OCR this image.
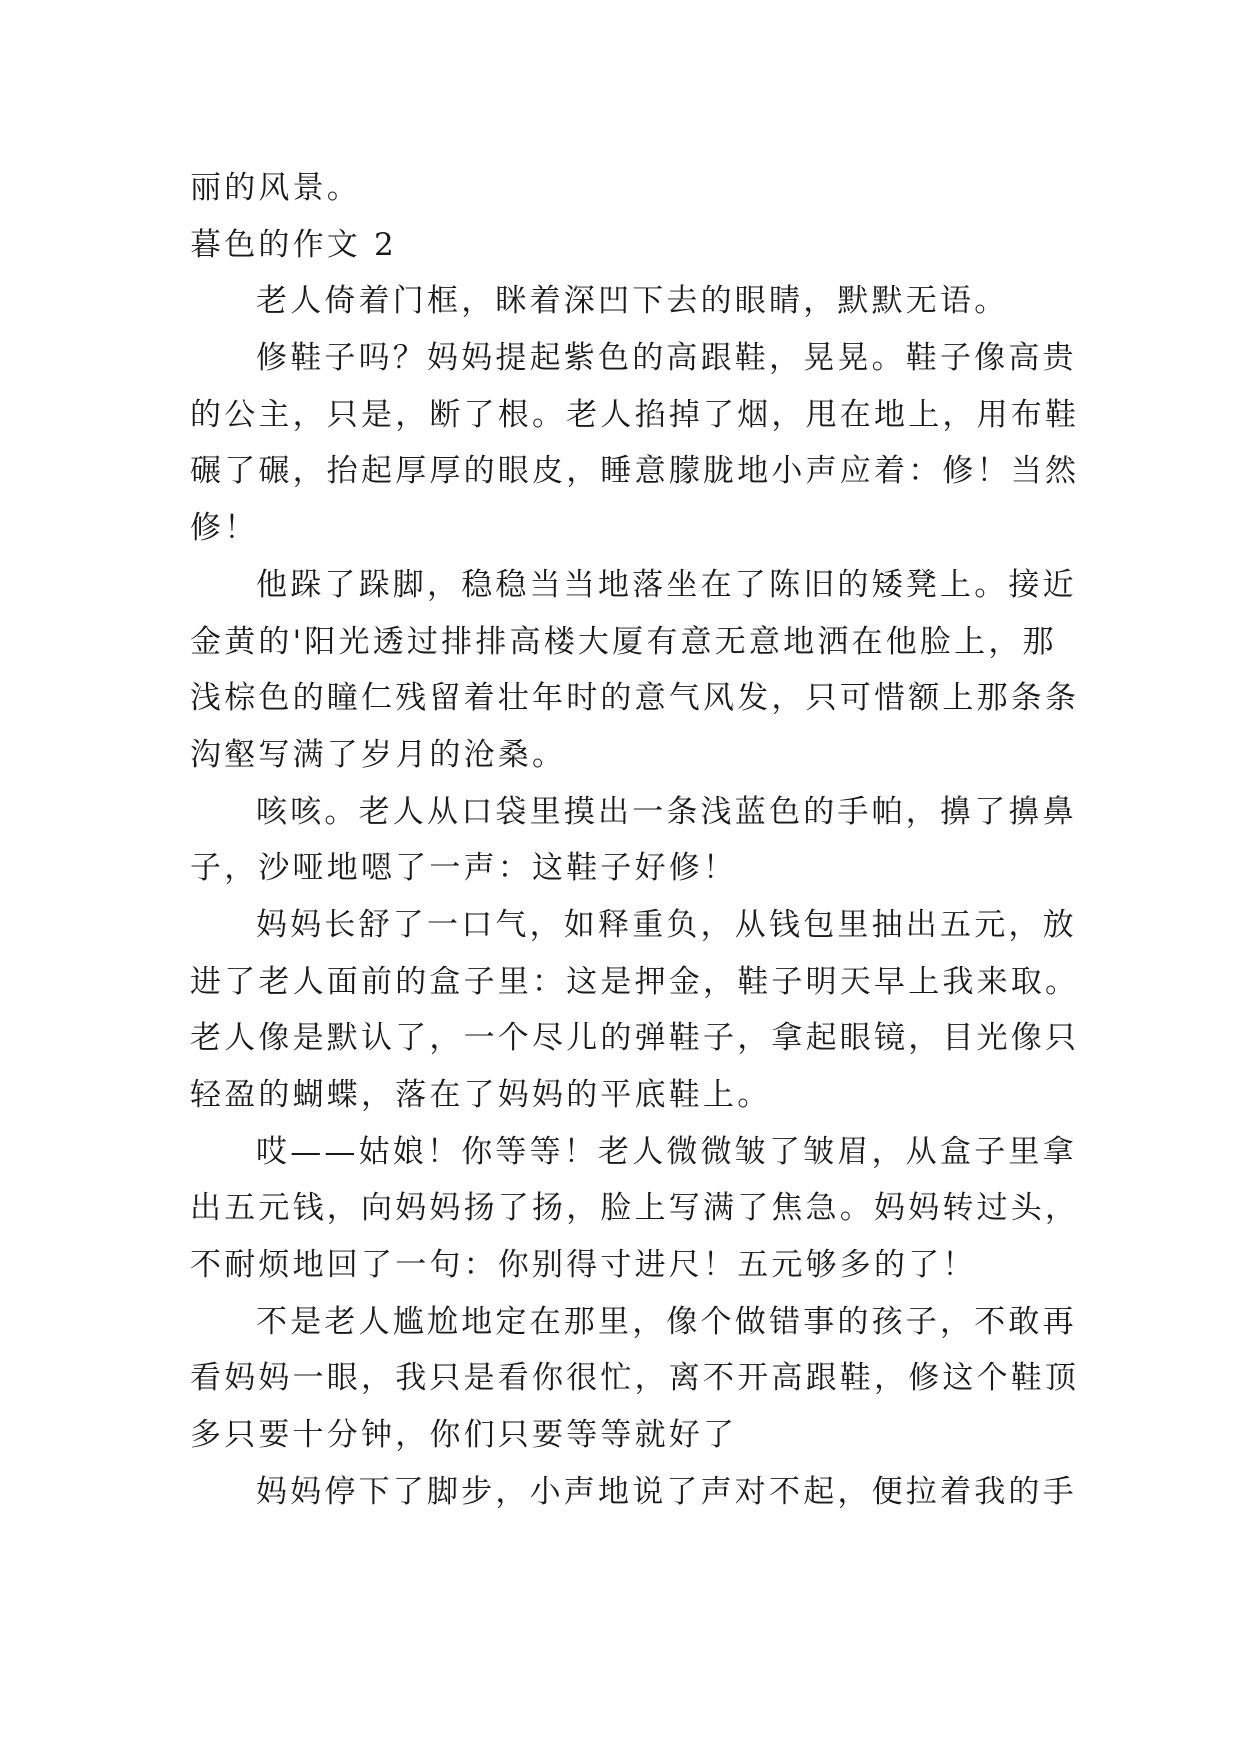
丽的风景。
暮色的作文 2
老人倚着门框，眯着深凹下去的眼睛，默默无语。
修鞋子吗？妈妈提起紫色的高跟鞋，晃晃。鞋子像高贵
的公主，只是，断了根。老人掐掉了烟，甩在地上，用布鞋
碾了碾，抬起厚厚的眼皮，睡意朦胧地小声应着：修！当然
修！
他跺了跺脚，稳稳当当地落坐在了陈旧的矮凳上。接近
金黄的'阳光透过排排高楼大厦有意无意地洒在他脸上，那
浅棕色的瞳仁残留着壮年时的意气风发，只可惜额上那条条
沟壑写满了岁月的沧桑。
咳咳。老人从口袋里摸出一条浅蓝色的手帕，擤了擤鼻
子，沙哑地嗯了一声：这鞋子好修！
妈妈长舒了一口气，如释重负，从钱包里抽出五元，放
进了老人面前的盒子里：这是押金，鞋子明天早上我来取。
老人像是默认了，一个尽儿的弹鞋子，拿起眼镜，目光像只
轻盈的蝴蝶，落在了妈妈的平底鞋上。
哎——姑娘！你等等！老人微微皱了皱眉，从盒子里拿
出五元钱，向妈妈扬了扬，脸上写满了焦急。妈妈转过头，
不耐烦地回了一句：你别得寸进尺！五元够多的了！
不是老人尴尬地定在那里，像个做错事的孩子，不敢再
看妈妈一眼，我只是看你很忙，离不开高跟鞋，修这个鞋顶
多只要十分钟，你们只要等等就好了
妈妈停下了脚步，小声地说了声对不起，便拉着我的手
